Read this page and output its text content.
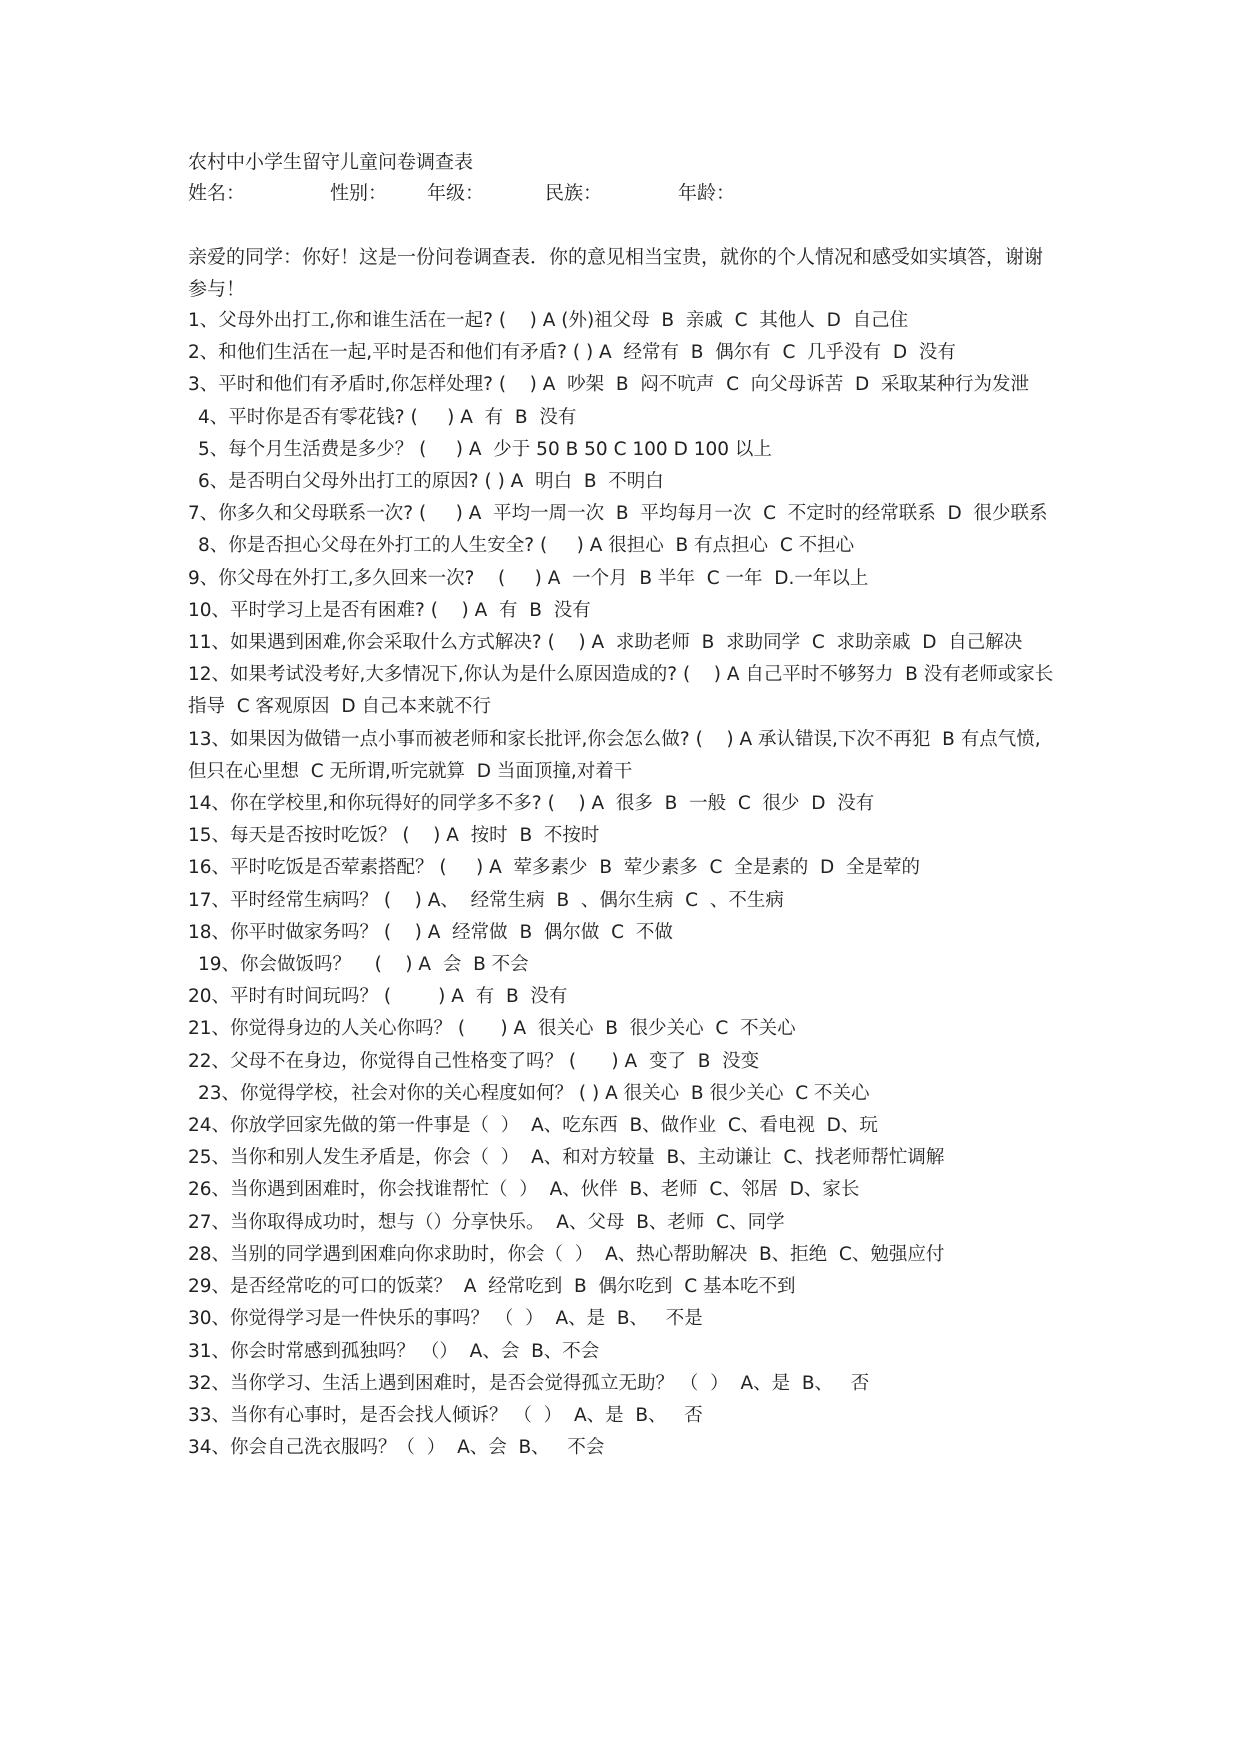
农村中小学生留守儿童问卷调查表

姓名：	性别：	年级：	民族：	年龄：
亲爱的同学：你好！这是一份问卷调查表．你的意见相当宝贵，就你的个人情况和感受如实填答，谢谢参与！
1、父母外出打工,你和谁生活在一起? (    ) A (外)祖父母  B  亲戚  C  其他人  D  自己住
2、和他们生活在一起,平时是否和他们有矛盾? ( ) A  经常有  B  偶尔有  C  几乎没有  D  没有
3、平时和他们有矛盾时,你怎样处理? (    ) A  吵架  B  闷不吭声  C  向父母诉苦  D  采取某种行为发泄
4、平时你是否有零花钱? (     ) A  有  B  没有
5、每个月生活费是多少？ (     ) A  少于 50 B 50 C 100 D 100 以上
6、是否明白父母外出打工的原因? ( ) A  明白  B  不明白
7、你多久和父母联系一次? (     ) A  平均一周一次  B  平均每月一次  C  不定时的经常联系  D  很少联系
8、你是否担心父母在外打工的人生安全? (     ) A 很担心  B 有点担心  C 不担心
9、你父母在外打工,多久回来一次?    (     ) A  一个月  B 半年  C 一年  D.一年以上
10、平时学习上是否有困难? (    ) A  有  B  没有
11、如果遇到困难,你会采取什么方式解决? (    ) A  求助老师  B  求助同学  C  求助亲戚  D  自己解决
12、如果考试没考好,大多情况下,你认为是什么原因造成的? (    ) A 自己平时不够努力  B 没有老师或家长指导  C 客观原因  D 自己本来就不行
13、如果因为做错一点小事而被老师和家长批评,你会怎么做? (    ) A 承认错误,下次不再犯  B 有点气愤,但只在心里想  C 无所谓,听完就算  D 当面顶撞,对着干
14、你在学校里,和你玩得好的同学多不多? (    ) A  很多  B  一般  C  很少  D  没有
15、每天是否按时吃饭？ (    ) A  按时  B  不按时
16、平时吃饭是否荤素搭配？ (     ) A  荤多素少  B  荤少素多  C  全是素的  D  全是荤的
17、平时经常生病吗？ (    ) A、  经常生病  B  、偶尔生病  C  、不生病
18、你平时做家务吗？ (    ) A  经常做  B  偶尔做  C  不做
19、你会做饭吗？    (    ) A  会  B 不会
20、平时有时间玩吗？ (        ) A  有  B  没有
21、你觉得身边的人关心你吗？ (      ) A  很关心  B  很少关心  C  不关心
22、父母不在身边，你觉得自己性格变了吗？ (      ) A  变了  B  没变
23、你觉得学校，社会对你的关心程度如何？ ( ) A 很关心  B 很少关心  C 不关心
24、你放学回家先做的第一件事是（  ）  A、吃东西  B、做作业  C、看电视  D、玩
25、当你和别人发生矛盾是，你会（  ）  A、和对方较量  B、主动谦让  C、找老师帮忙调解
26、当你遇到困难时，你会找谁帮忙（  ）  A、伙伴  B、老师  C、邻居  D、家长
27、当你取得成功时，想与（）分享快乐。  A、父母  B、老师  C、同学
28、当别的同学遇到困难向你求助时，你会（  ）  A、热心帮助解决  B、拒绝  C、勉强应付
29、是否经常吃的可口的饭菜？  A  经常吃到  B  偶尔吃到  C 基本吃不到
30、你觉得学习是一件快乐的事吗？ （  ）  A、是  B、   不是
31、你会时常感到孤独吗？ （）  A、会  B、不会
32、当你学习、生活上遇到困难时，是否会觉得孤立无助？ （  ）  A、是  B、   否
33、当你有心事时，是否会找人倾诉？ （  ）  A、是  B、   否
34、你会自己洗衣服吗？（  ）  A、会  B、   不会
